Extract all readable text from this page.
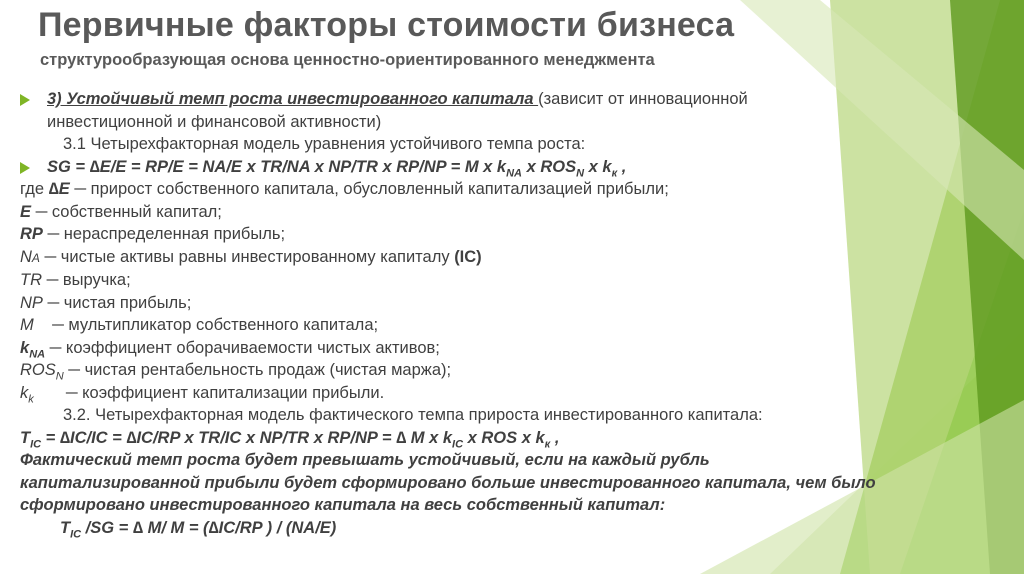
Первичные факторы стоимости бизнеса
структурообразующая основа ценностно-ориентированного менеджмента
3) Устойчивый темп роста инвестированного капитала (зависит от инновационной
инвестиционной и финансовой активности)
3.1 Четырехфакторная модель уравнения устойчивого темпа роста:
SG = ∆E/E = RP/E = NA/E x TR/NA x NP/TR x RP/NP = M x $k_{NA}$ x $ROS_N$ x $k_к$ ,
где ∆E ─ прирост собственного капитала, обусловленный капитализацией прибыли;
E ─ собственный капитал;
RP ─ нераспределенная прибыль;
NA ─ чистые активы равны инвестированному капиталу (IC)
TR ─ выручка;
NP ─ чистая прибыль;
M    ─ мультипликатор собственного капитала;
$k_{NA}$ ─ коэффициент оборачиваемости чистых активов;
$ROS_N$ ─ чистая рентабельность продаж (чистая маржа);
$k_k$       ─ коэффициент капитализации прибыли.
3.2. Четырехфакторная модель фактического темпа прироста инвестированного капитала:
$T_{IC} = \Delta IC/IC = \Delta IC/RP$ x TR/IC x NP/TR x RP/NP = ∆ M x $k_{IC}$ x ROS x $k_к$ ,
Фактический темп роста будет превышать устойчивый, если на каждый рубль
капитализированной прибыли будет сформировано больше инвестированного капитала, чем было
сформировано инвестированного капитала на весь собственный капитал:
$T_{IC}$ /SG = ∆ M/ M = (∆IC/RP ) / (NA/E)
